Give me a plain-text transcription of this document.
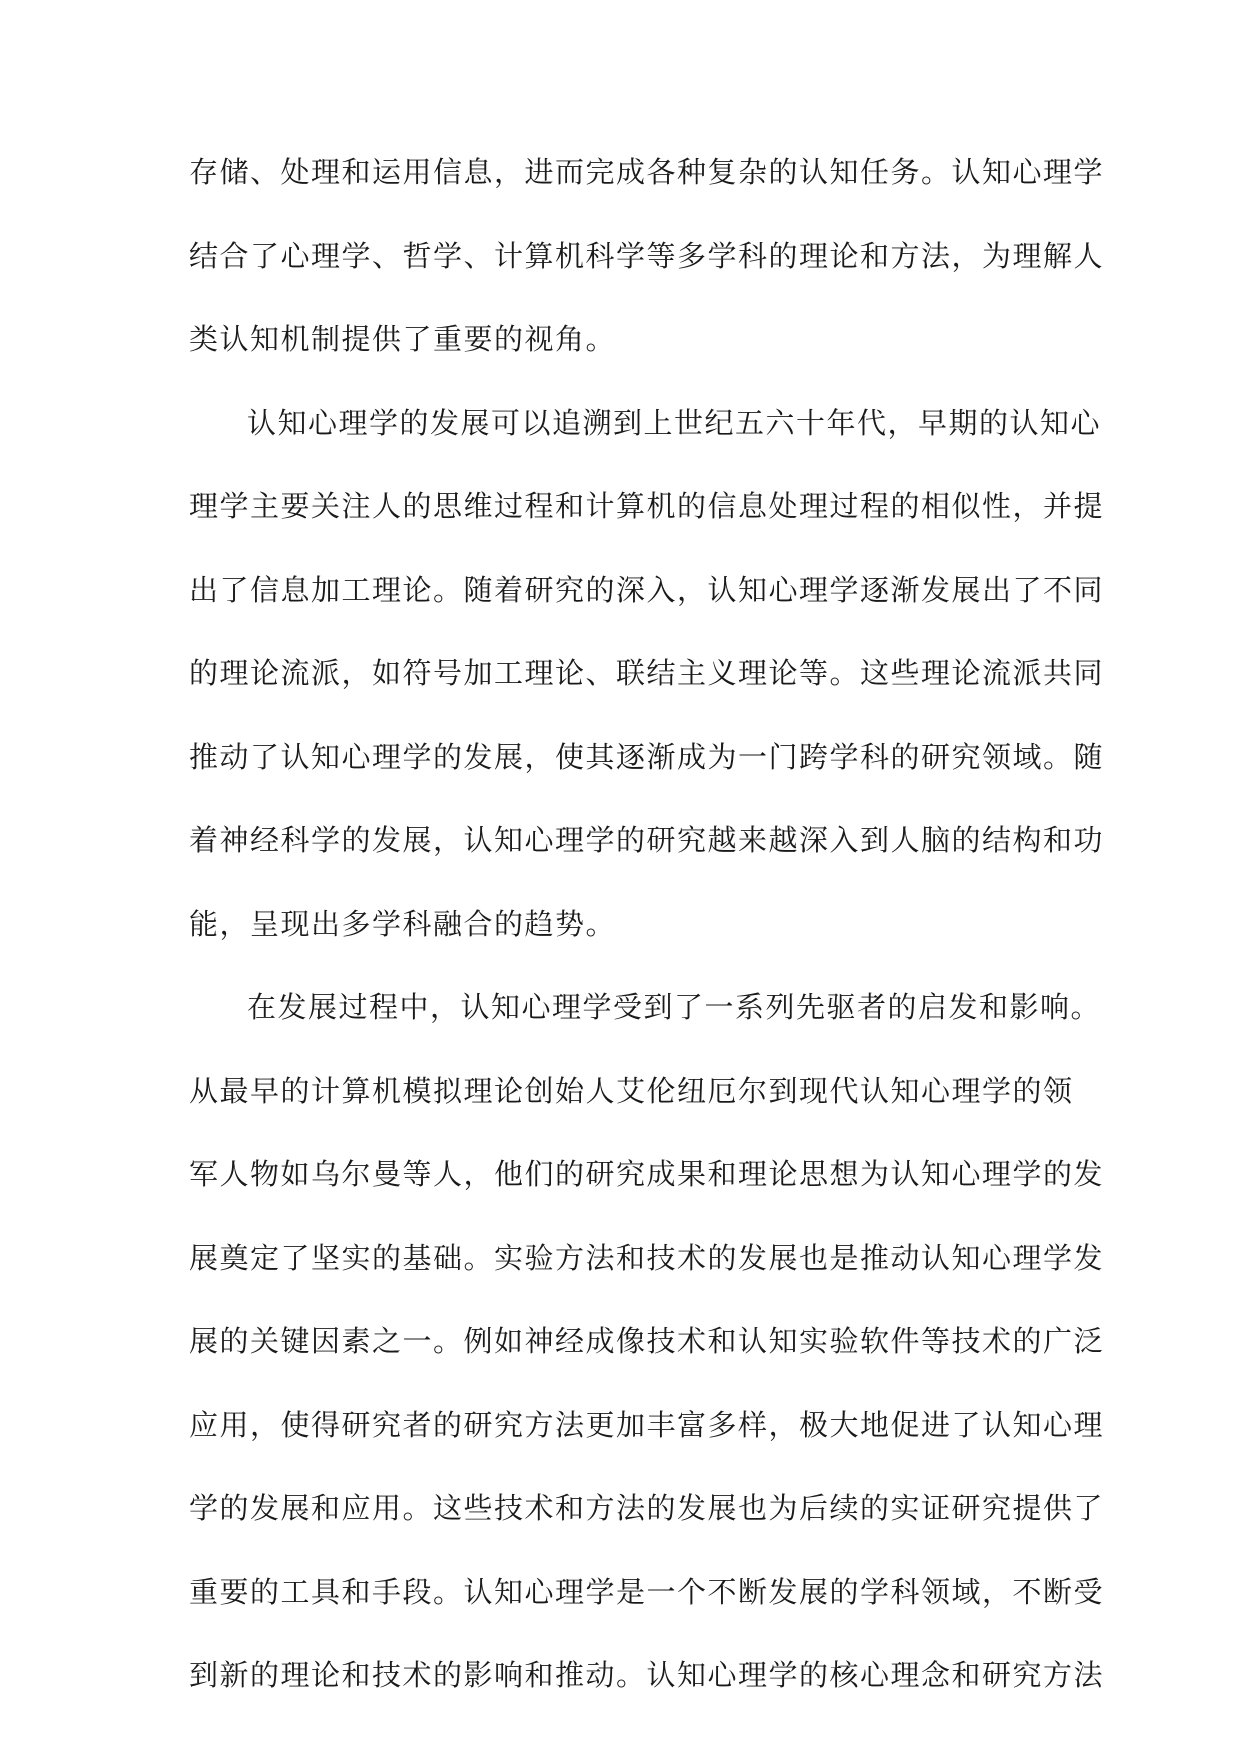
存储、处理和运用信息，进而完成各种复杂的认知任务。认知心理学
结合了心理学、哲学、计算机科学等多学科的理论和方法，为理解人
类认知机制提供了重要的视角。
认知心理学的发展可以追溯到上世纪五六十年代，早期的认知心
理学主要关注人的思维过程和计算机的信息处理过程的相似性，并提
出了信息加工理论。随着研究的深入，认知心理学逐渐发展出了不同
的理论流派，如符号加工理论、联结主义理论等。这些理论流派共同
推动了认知心理学的发展，使其逐渐成为一门跨学科的研究领域。随
着神经科学的发展，认知心理学的研究越来越深入到人脑的结构和功
能，呈现出多学科融合的趋势。
在发展过程中，认知心理学受到了一系列先驱者的启发和影响。
从最早的计算机模拟理论创始人艾伦纽厄尔到现代认知心理学的领
军人物如乌尔曼等人，他们的研究成果和理论思想为认知心理学的发
展奠定了坚实的基础。实验方法和技术的发展也是推动认知心理学发
展的关键因素之一。例如神经成像技术和认知实验软件等技术的广泛
应用，使得研究者的研究方法更加丰富多样，极大地促进了认知心理
学的发展和应用。这些技术和方法的发展也为后续的实证研究提供了
重要的工具和手段。认知心理学是一个不断发展的学科领域，不断受
到新的理论和技术的影响和推动。认知心理学的核心理念和研究方法
